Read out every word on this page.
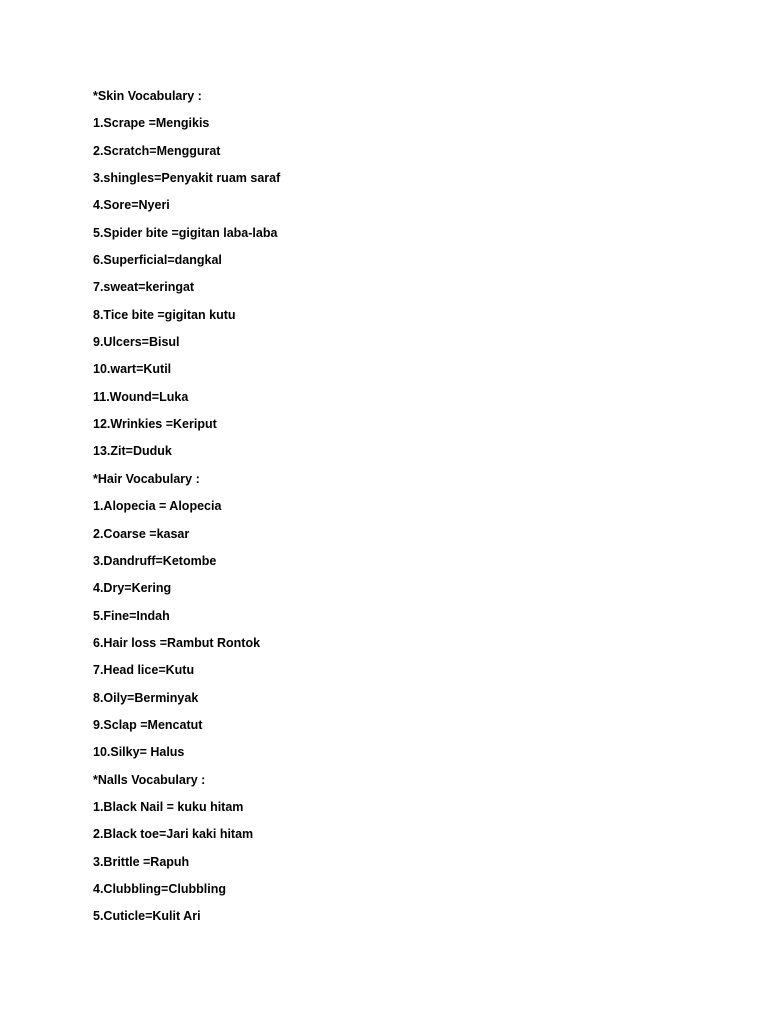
*Skin Vocabulary :
1.Scrape =Mengikis
2.Scratch=Menggurat
3.shingles=Penyakit ruam saraf
4.Sore=Nyeri
5.Spider bite =gigitan laba-laba
6.Superficial=dangkal
7.sweat=keringat
8.Tice bite =gigitan kutu
9.Ulcers=Bisul
10.wart=Kutil
11.Wound=Luka
12.Wrinkies =Keriput
13.Zit=Duduk
*Hair Vocabulary :
1.Alopecia = Alopecia
2.Coarse =kasar
3.Dandruff=Ketombe
4.Dry=Kering
5.Fine=Indah
6.Hair loss =Rambut Rontok
7.Head lice=Kutu
8.Oily=Berminyak
9.Sclap =Mencatut
10.Silky= Halus
*Nalls Vocabulary :
1.Black Nail = kuku hitam
2.Black toe=Jari kaki hitam
3.Brittle =Rapuh
4.Clubbling=Clubbling
5.Cuticle=Kulit Ari
